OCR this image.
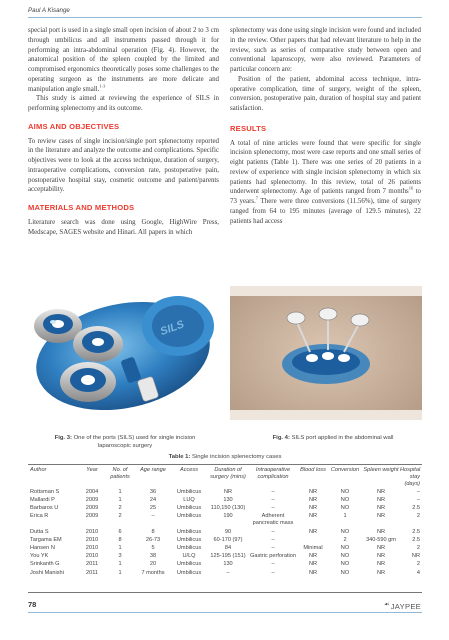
Paul A Kisange

special port is used in a single small open incision of about 2 to 3 cm through umbilicus and all instruments passed through it for performing an intra-abdominal operation (Fig. 4). However, the anatomical position of the spleen coupled by the limited and compromised ergonomics theoretically poses some challenges to the operating surgeon as the instruments are more delicate and manipulation angle small.$^{1-3}$

This study is aimed at reviewing the experience of SILS in performing splenectomy and its outcome.

AIMS AND OBJECTIVES

To review cases of single incision/single port splenectomy reported in the literature and analyze the outcome and complications. Specific objectives were to look at the access technique, duration of surgery, intraoperative complications, conversion rate, postoperative pain, postoperative hospital stay, cosmetic outcome and patient/parents acceptability.

MATERIALS AND METHODS

Literature search was done using Google, HighWire Press, Medscape, SAGES website and Hinari. All papers in which

splenectomy was done using single incision were found and included in the review. Other papers that had relevant literature to help in the review, such as series of comparative study between open and conventional laparoscopy, were also reviewed. Parameters of particular concern are:

Position of the patient, abdominal access technique, intra-operative complication, time of surgery, weight of the spleen, conversion, postoperative pain, duration of hospital stay and patient satisfaction.

RESULTS

A total of nine articles were found that were specific for single incision splenectomy, most were case reports and one small series of eight patients (Table 1). There was one series of 20 patients in a review of experience with single incision splenectomy in which six patients had splenectomy. In this review, total of 26 patients underwent splenectomy. Age of patients ranged from 7 months$^{16}$ to 73 years.$^7$ There were three conversions (11.56%), time of surgery ranged from 64 to 195 minutes (average of 129.5 minutes), 22 patients had access

SILS
Fig. 3: One of the ports (SILS) used for single incision laparoscopic surgery
Fig. 4: SILS port applied in the abdominal wall
Table 1: Single incision splenectomy cases
Author	Year	No. of patients	Age range	Access	Duration of surgery (mins)	Intraoperative complication	Blood loss	Conversion	Spleen weight	Hospital stay (days)
Rottsman S	2004	1	36	Umbilicus	NR	–	NR	NO	NR	–
Mallardi P	2009	1	24	LUQ	130	–	NR	NO	NR	–
Barbaros U	2009	2	25	Umbilicus	110,150 (130)	–	NR	NO	NR	2.5
Erica R	2009	2	–	Umbilicus	190	Adherent pancreatic mass	NR	1	NR	2
Dutta S	2010	6	8	Umbilicus	90	–	NR	NO	NR	2.5
Targama EM	2010	8	26-73	Umbilicus	60-170 (97)	–		2	340-590 gm	2.5
Hansen N	2010	1	5	Umbilicus	84	–	Minimal	NO	NR	2
You YK	2010	3	38	U/LQ	125-195 (151)	Gastric perforation	NR	NO	NR	NR
Srinkanth G	2011	1	20	Umbilicus	130	–	NR	NO	NR	2
Joshi Manishi	2011	1	7 months	Umbilicus	–	–	NR	NO	NR	4
78	☙JAYPEE
